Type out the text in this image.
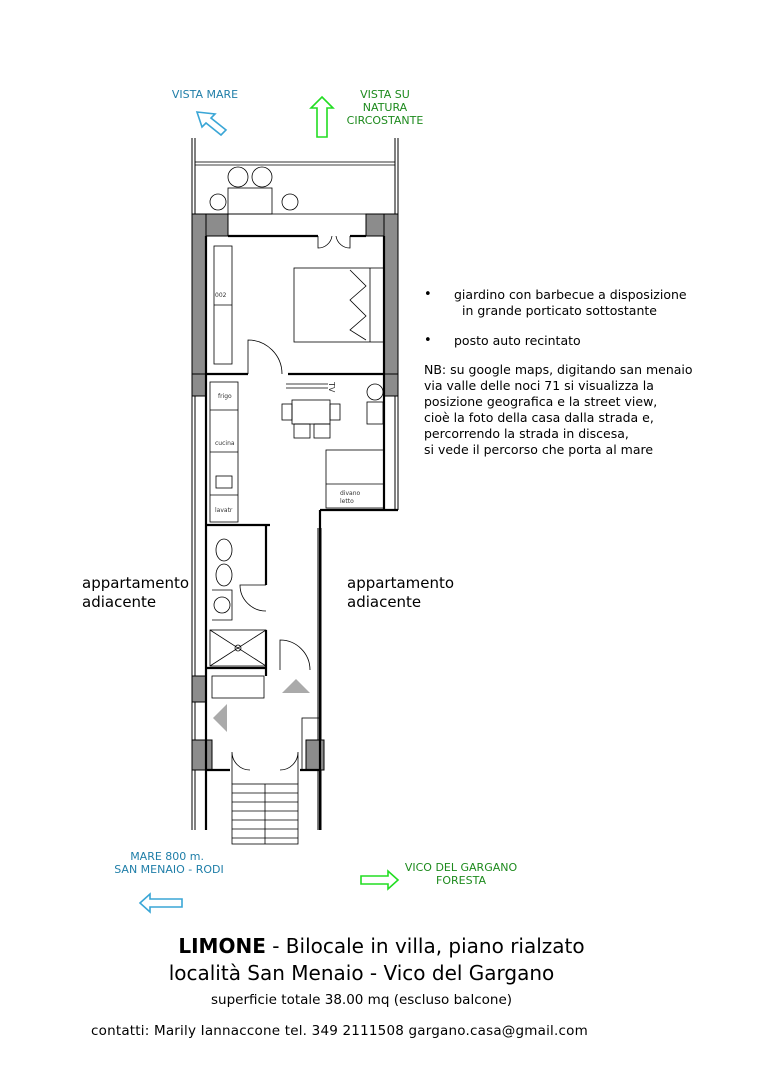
VISTA MARE	VISTA SU
NATURA
CIRCOSTANTE
MARE 800 m.
SAN MENAIO - RODI	VICO DEL GARGANO
FORESTA
002
frigo
cucina
lavatr
TV
divano
letto
appartamento
adiacente
appartamento
adiacente
• giardino con barbecue a disposizione
in grande porticato sottostante
• posto auto recintato
NB: su google maps, digitando san menaio
via valle delle noci 71 si visualizza la
posizione geografica e la street view,
cioè la foto della casa dalla strada e,
percorrendo la strada in discesa,
si vede il percorso che porta al mare
LIMONE - Bilocale in villa, piano rialzato
località San Menaio - Vico del Gargano
superficie totale 38.00 mq (escluso balcone)
contatti: Marily Iannaccone tel. 349 2111508 gargano.casa@gmail.com
